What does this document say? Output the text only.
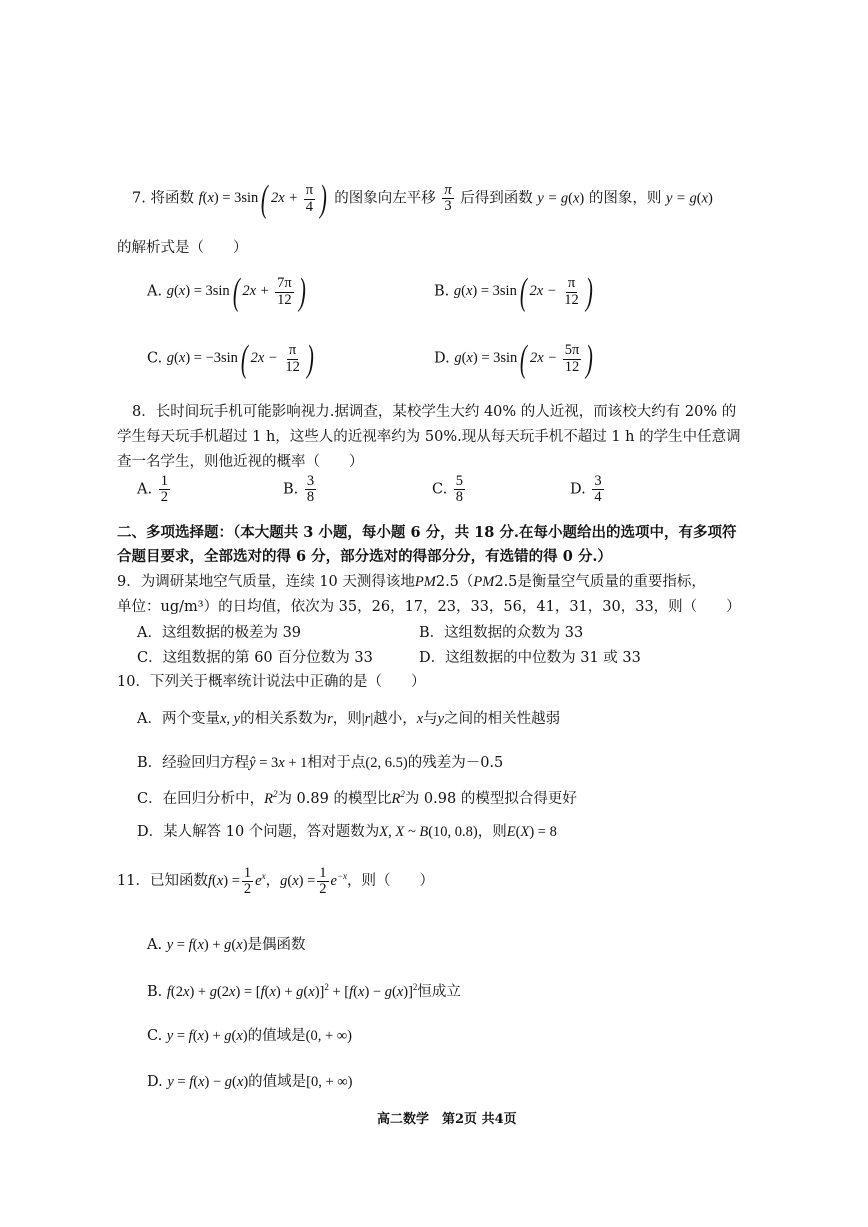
7. 将函数 f(x) = 3sin( $2x + \frac{\pi}{4}$ ) 的图象向左平移 $\frac{\pi}{3}$ 后得到函数 y = g(x) 的图象，则 y = g(x)
的解析式是（　　）
A. g(x) = 3sin( $2x + \frac{7\pi}{12}$ )	B. g(x) = 3sin( $2x - \frac{\pi}{12}$ )
C. g(x) = −3sin( $2x - \frac{\pi}{12}$ )	D. g(x) = 3sin( $2x - \frac{5\pi}{12}$ )
8．长时间玩手机可能影响视力.据调查，某校学生大约 40% 的人近视，而该校大约有 20% 的
学生每天玩手机超过 1 h，这些人的近视率约为 50%.现从每天玩手机不超过 1 h 的学生中任意调
查一名学生，则他近视的概率（　　）
A. $\frac{1}{2}$	B. $\frac{3}{8}$	C. $\frac{5}{8}$	D. $\frac{3}{4}$
二、多项选择题：（本大题共 3 小题，每小题 6 分，共 18 分.在每小题给出的选项中，有多项符
合题目要求，全部选对的得 6 分，部分选对的得部分分，有选错的得 0 分.）
9．为调研某地空气质量，连续 10 天测得该地PM2.5（PM2.5是衡量空气质量的重要指标，
单位：ug/m³）的日均值，依次为 35，26，17，23，33，56，41，31，30，33，则（　　）
A．这组数据的极差为 39	B．这组数据的众数为 33
C．这组数据的第 60 百分位数为 33	D．这组数据的中位数为 31 或 33
10．下列关于概率统计说法中正确的是（　　）
A．两个变量x, y的相关系数为r，则|r|越小，x与y之间的相关性越弱
B．经验回归方程ŷ = 3x + 1相对于点(2, 6.5)的残差为－0.5
C．在回归分析中，$R^2$为 0.89 的模型比$R^2$为 0.98 的模型拟合得更好
D．某人解答 10 个问题，答对题数为X, X ~ B(10, 0.8)，则E(X) = 8
11．已知函数$f(x) = \frac{1}{2} e^x$，$g(x) = \frac{1}{2} e^{-x}$，则（　　）
A. y = f(x) + g(x)是偶函数
B. $f(2x) + g(2x) = [f(x) + g(x)]^2 + [f(x) - g(x)]^2$恒成立
C. y = f(x) + g(x)的值域是(0, + ∞)
D. y = f(x) − g(x)的值域是[0, + ∞)
高二数学　第2页 共4页
